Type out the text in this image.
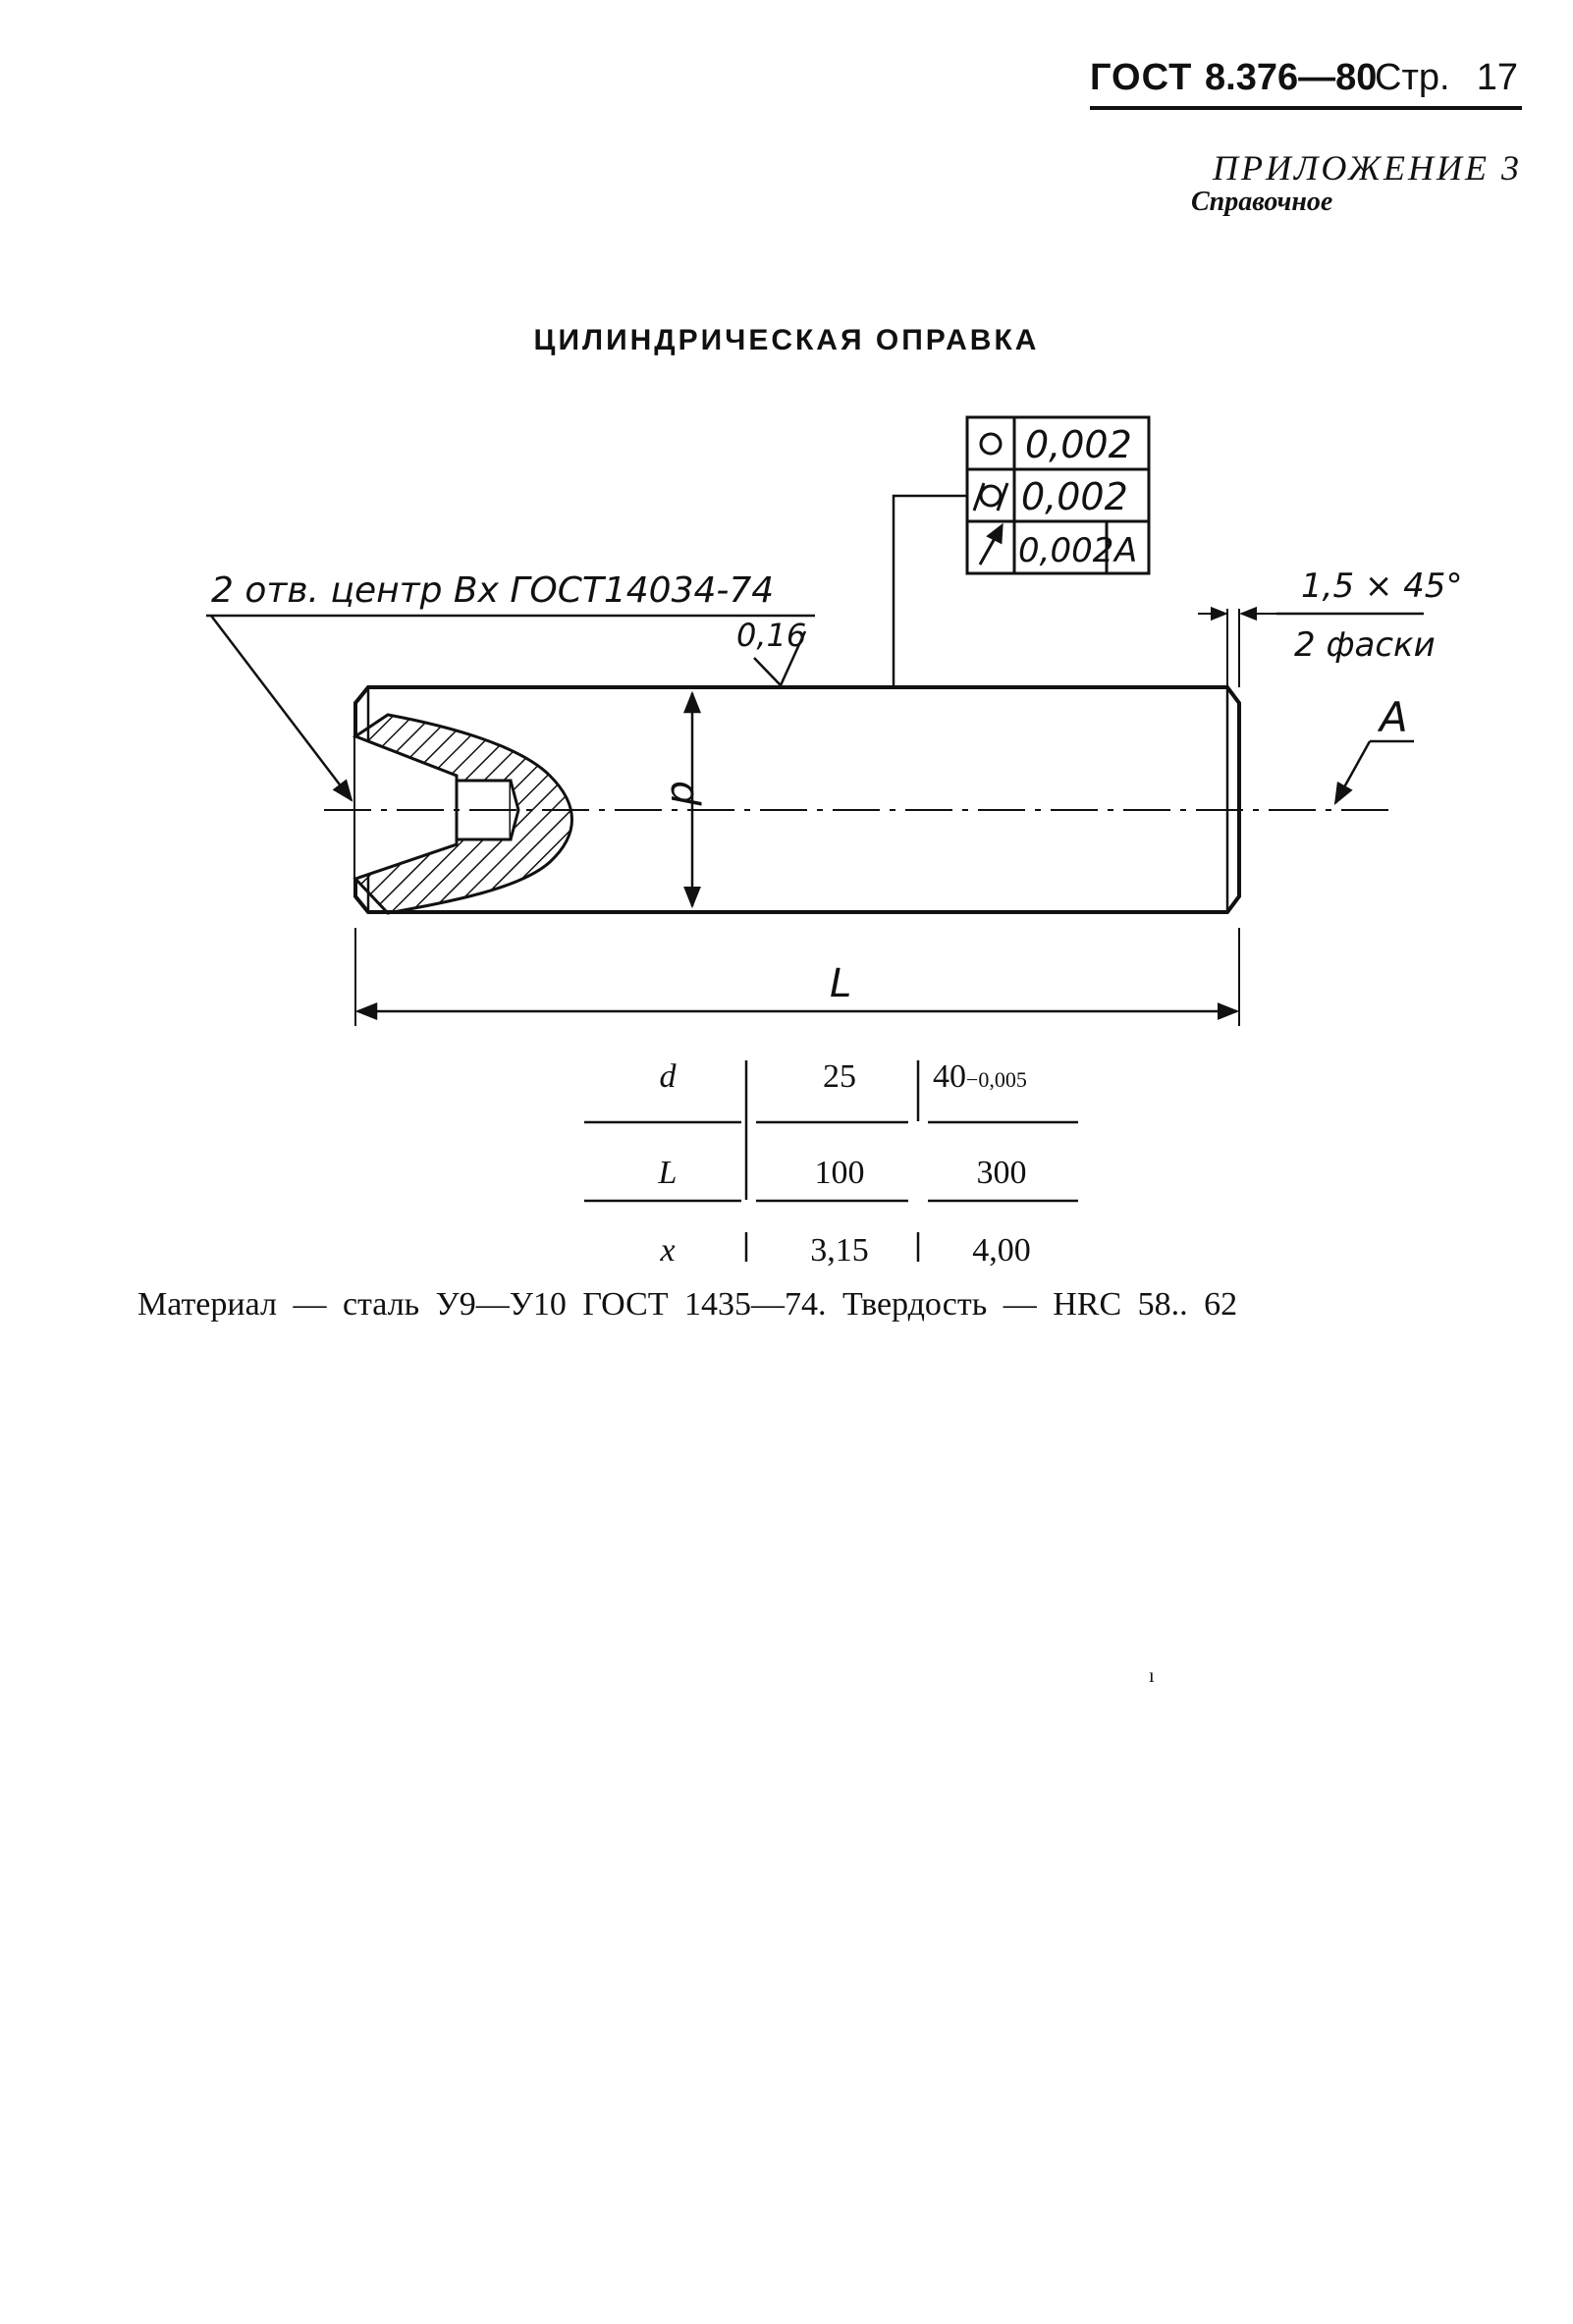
ГОСТ 8.376—80
Стр. 17
ПРИЛОЖЕНИЕ 3
Справочное
ЦИЛИНДРИЧЕСКАЯ ОПРАВКА
0,002
0,002
0,002 А
d
L
2 отв. центр Вх ГОСТ14034-74
0,16
1,5 × 45°
2 фаски
А
d	25	40−0,005
L	100	300
x	3,15	4,00
Материал — сталь У9—У10 ГОСТ 1435—74. Твердость — HRC 58.. 62
ı
